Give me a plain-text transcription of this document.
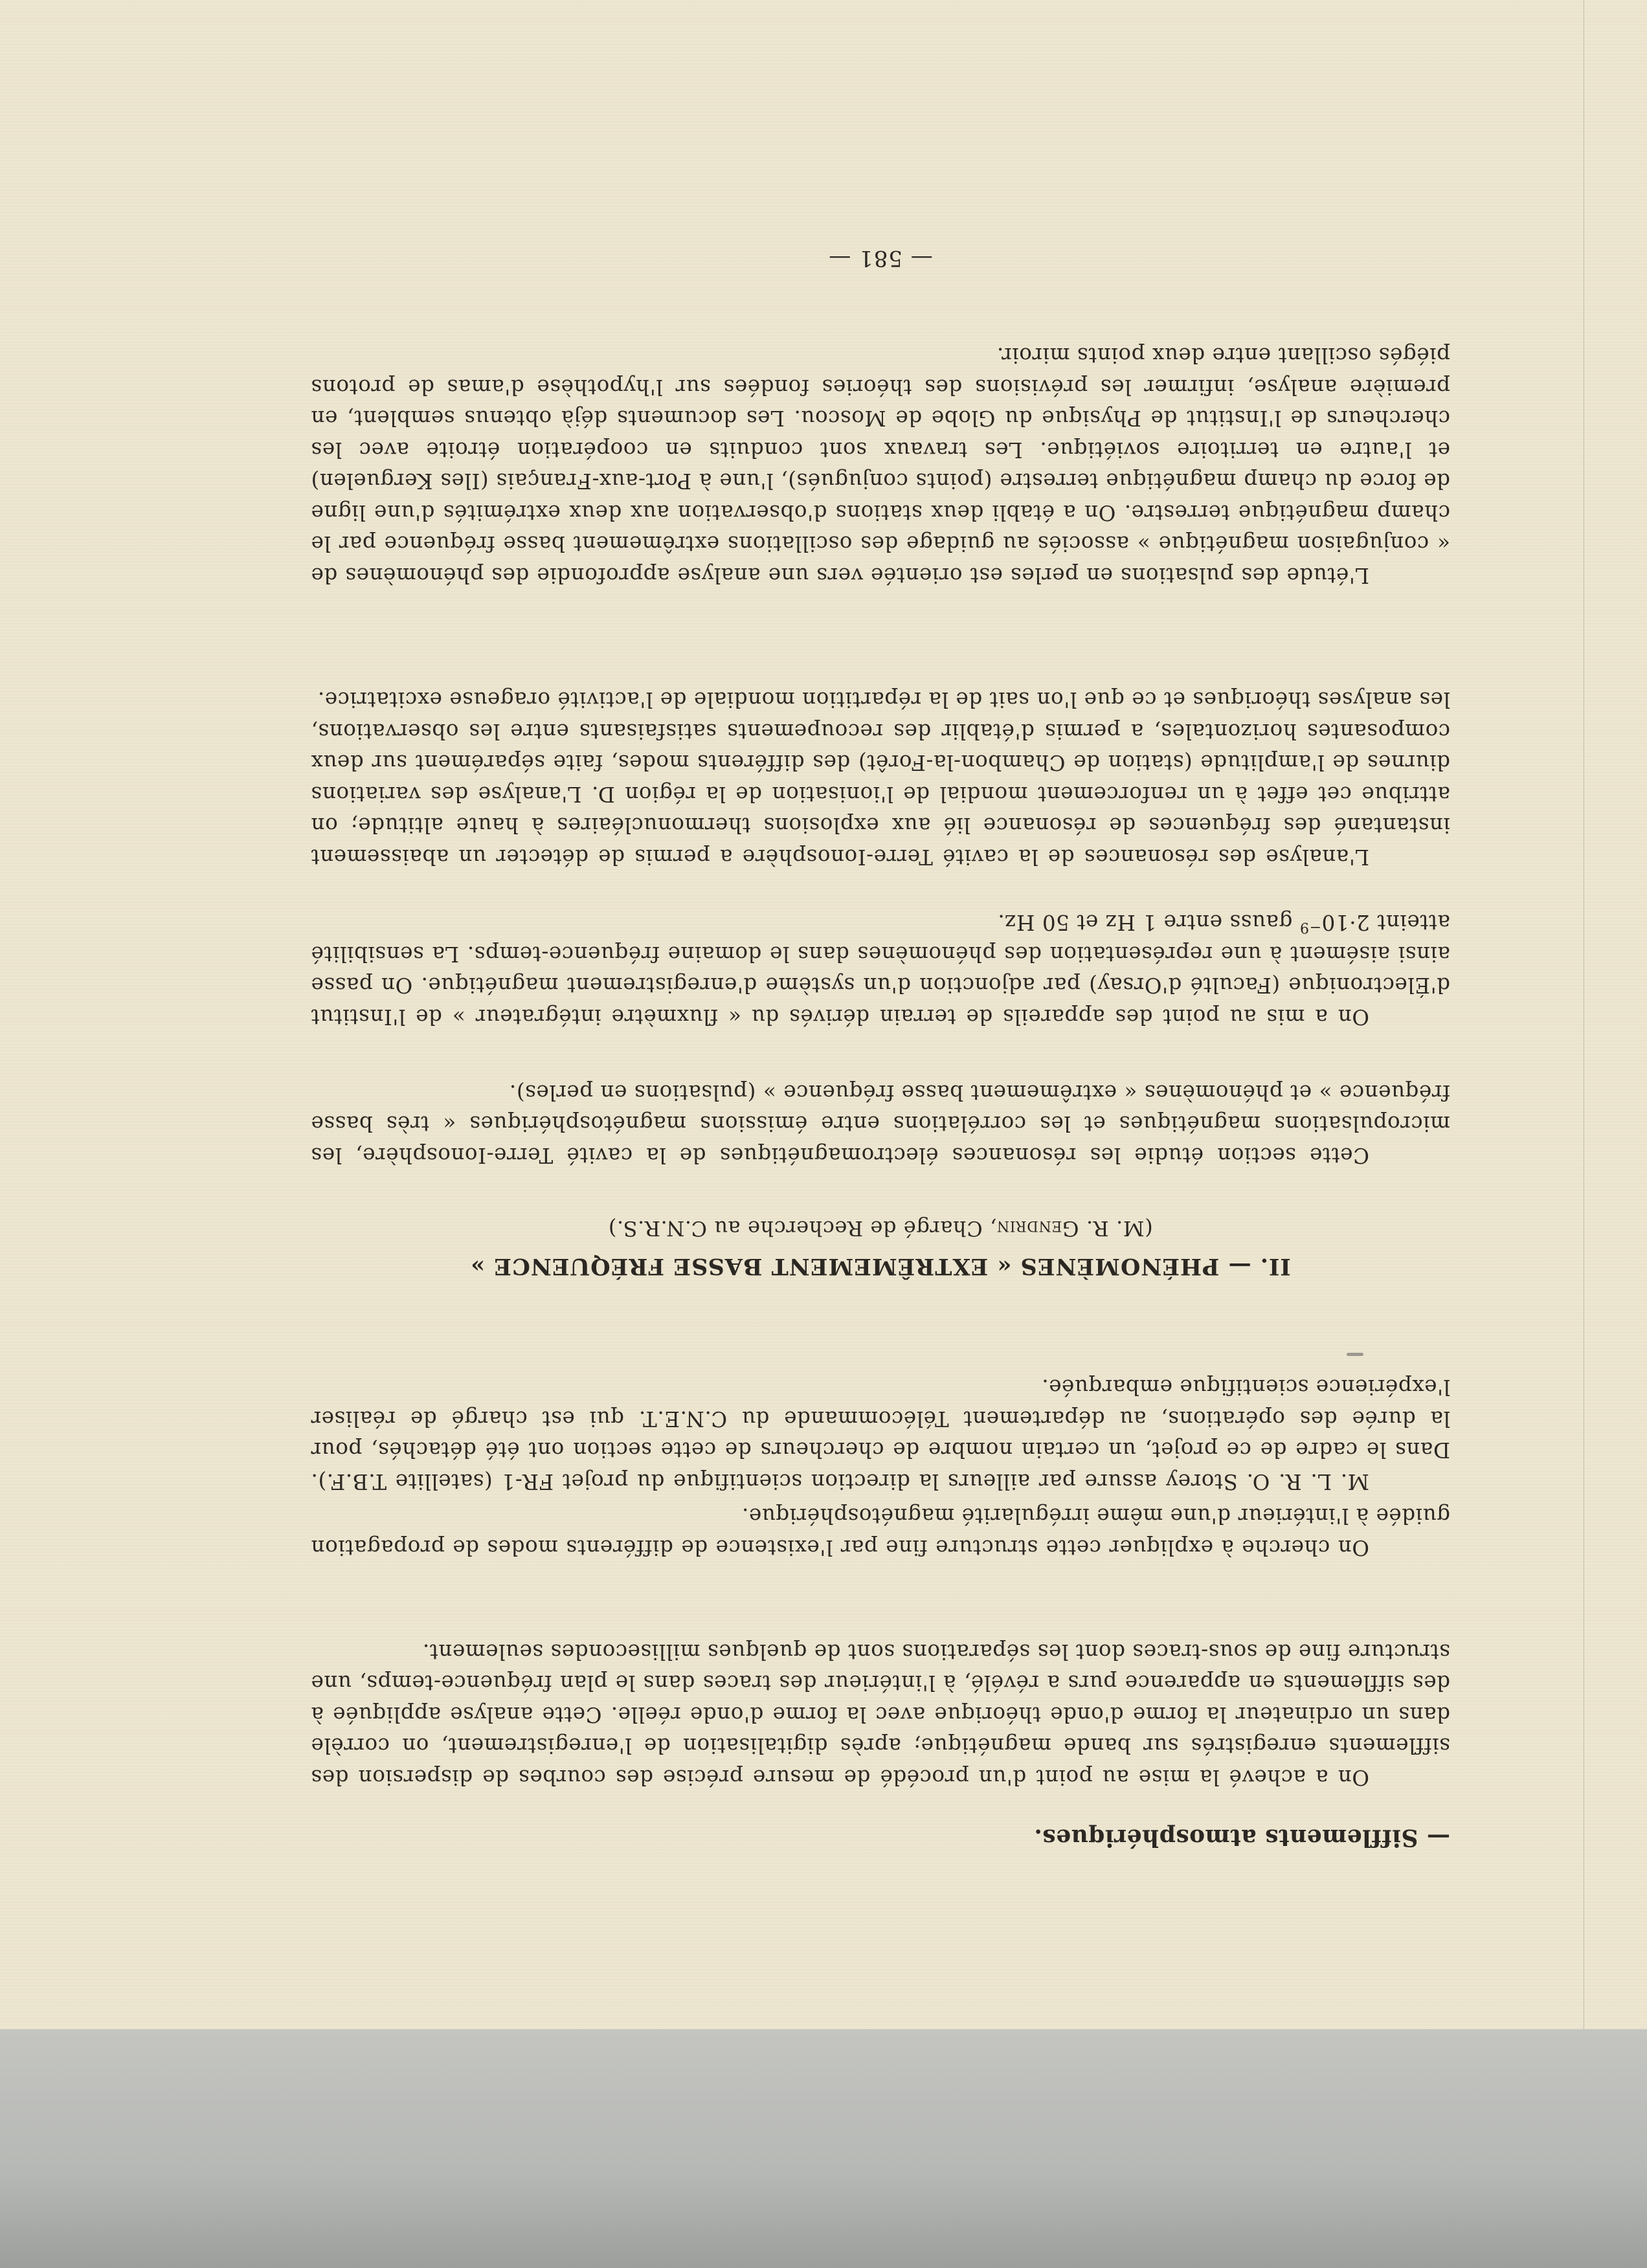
— Sifflements atmosphériques.

On a achevé la mise au point d'un procédé de mesure précise des courbes de dispersion des sifflements enregistrés sur bande magnétique; après digitalisation de l'enregistrement, on corrèle dans un ordinateur la forme d'onde théorique avec la forme d'onde réelle. Cette analyse appliquée à des sifflements en apparence purs a révélé, à l'intérieur des traces dans le plan fréquence-temps, une structure fine de sous-traces dont les séparations sont de quelques millisecondes seulement.

On cherche à expliquer cette structure fine par l'existence de différents modes de propagation guidée à l'intérieur d'une même irrégularité magnétosphérique.

M. L. R. O. Storey assure par ailleurs la direction scientifique du projet FR-1 (satellite T.B.F.). Dans le cadre de ce projet, un certain nombre de chercheurs de cette section ont été détachés, pour la durée des opérations, au département Télécommande du C.N.E.T. qui est chargé de réaliser l'expérience scientifique embarquée.

II. — PHÉNOMÈNES « EXTRÊMEMENT BASSE FRÉQUENCE »

(M. R. Gendrin, Chargé de Recherche au C.N.R.S.)

Cette section étudie les résonances électromagnétiques de la cavité Terre-Ionosphère, les micropulsations magnétiques et les corrélations entre émissions magnétosphériques « très basse fréquence » et phénomènes « extrêmement basse fréquence » (pulsations en perles).

On a mis au point des appareils de terrain dérivés du « fluxmètre intégrateur » de l'Institut d'Électronique (Faculté d'Orsay) par adjonction d'un système d'enregistrement magnétique. On passe ainsi aisément à une représentation des phénomènes dans le domaine fréquence-temps. La sensibilité atteint $2\cdot 10^{-9}$ gauss entre 1 Hz et 50 Hz.

L'analyse des résonances de la cavité Terre-Ionosphère a permis de détecter un abaissement instantané des fréquences de résonance lié aux explosions thermonucléaires à haute altitude; on attribue cet effet à un renforcement mondial de l'ionisation de la région D. L'analyse des variations diurnes de l'amplitude (station de Chambon-la-Forêt) des différents modes, faite séparément sur deux composantes horizontales, a permis d'établir des recoupements satisfaisants entre les observations, les analyses théoriques et ce que l'on sait de la répartition mondiale de l'activité orageuse excitatrice.

L'étude des pulsations en perles est orientée vers une analyse approfondie des phénomènes de « conjugaison magnétique » associés au guidage des oscillations extrêmement basse fréquence par le champ magnétique terrestre. On a établi deux stations d'observation aux deux extrémités d'une ligne de force du champ magnétique terrestre (points conjugués), l'une à Port-aux-Français (Iles Kerguelen) et l'autre en territoire soviétique. Les travaux sont conduits en coopération étroite avec les chercheurs de l'Institut de Physique du Globe de Moscou. Les documents déjà obtenus semblent, en première analyse, infirmer les prévisions des théories fondées sur l'hypothèse d'amas de protons piégés oscillant entre deux points miroir.

— 581 —
